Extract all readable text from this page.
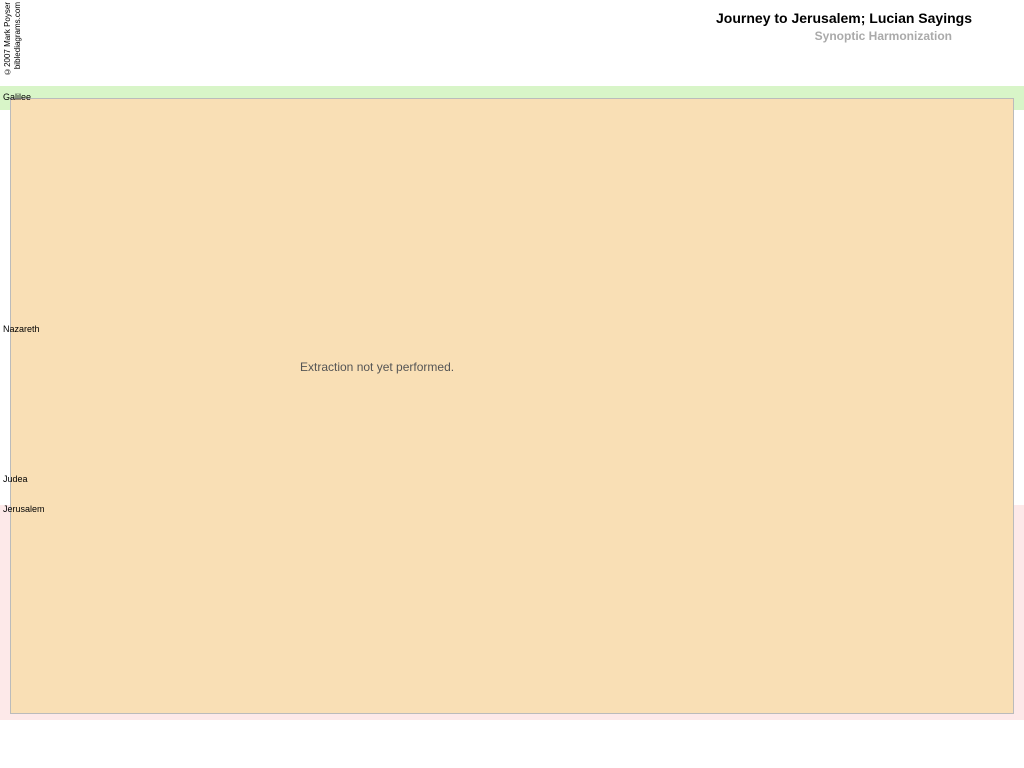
Journey to Jerusalem; Lucian Sayings
Synoptic Harmonization
©2007 Mark Poyser biblediagrams.com
Galilee
Nazareth
Judea
Jerusalem
Extraction not yet performed.
